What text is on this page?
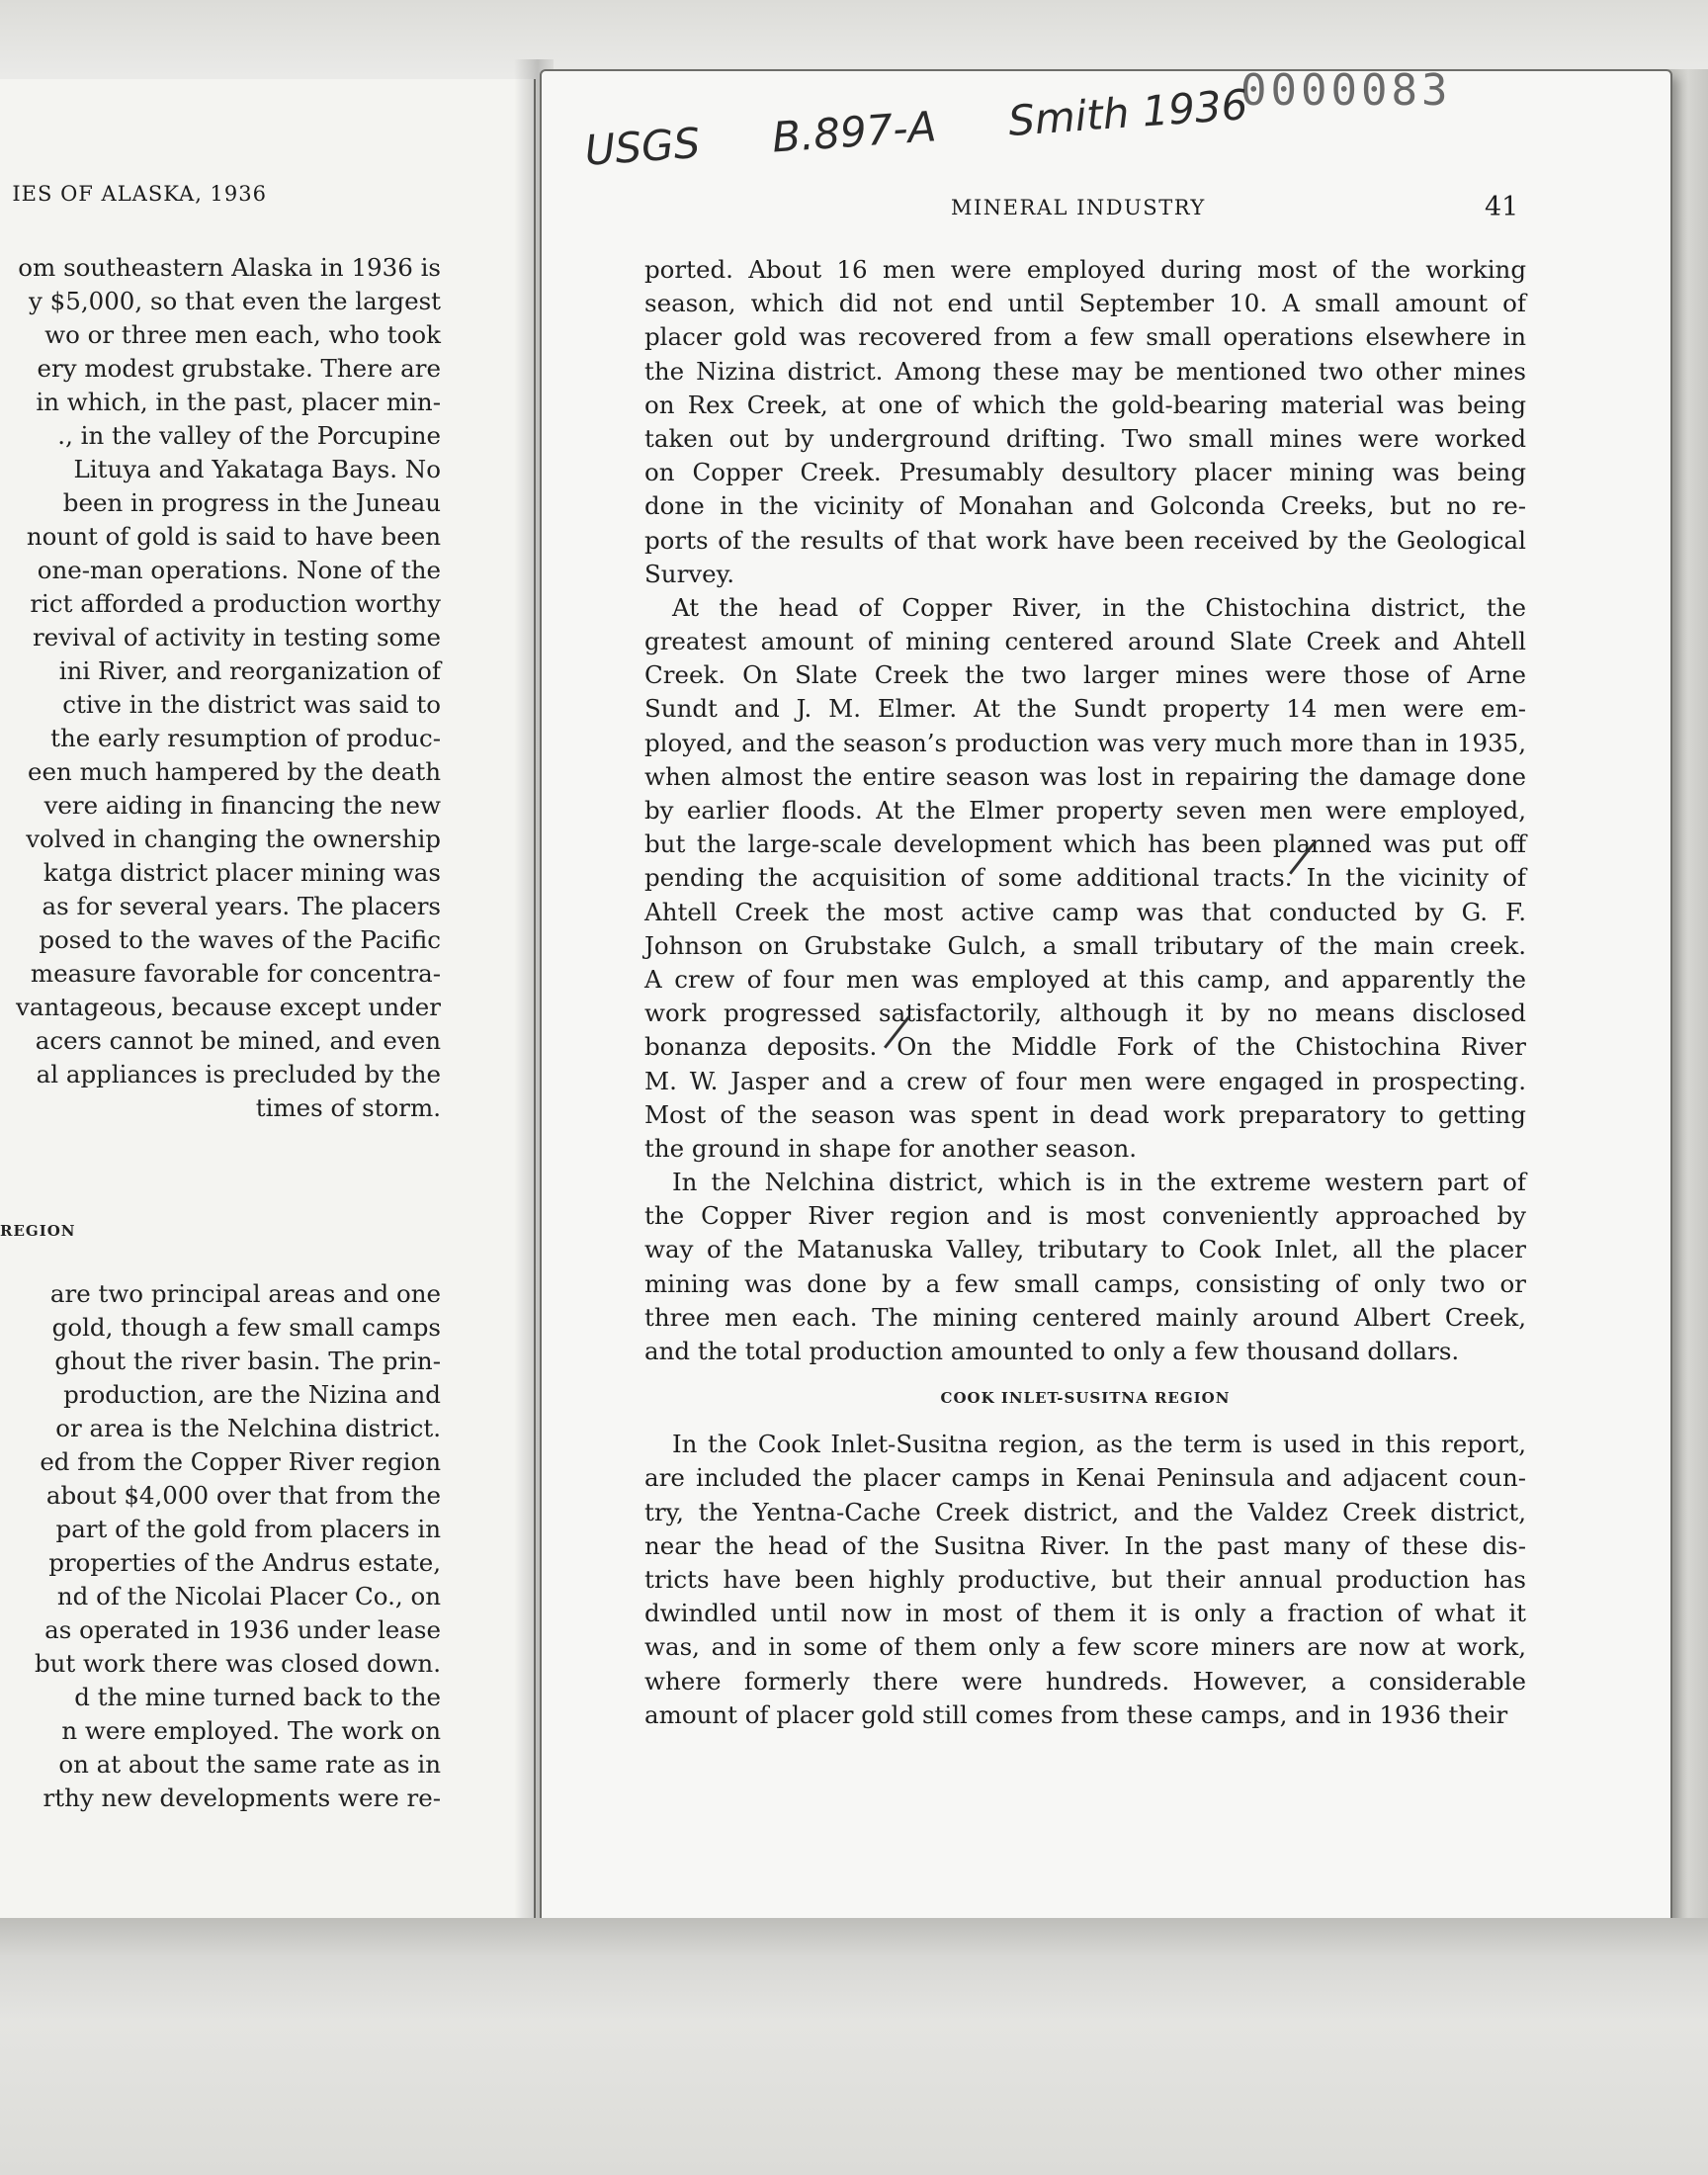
IES OF ALASKA, 1936
om southeastern Alaska in 1936 is
y $5,000, so that even the largest
wo or three men each, who took
ery modest grubstake. There are
in which, in the past, placer min-
., in the valley of the Porcupine
Lituya and Yakataga Bays. No
been in progress in the Juneau
nount of gold is said to have been
one-man operations. None of the
rict afforded a production worthy
revival of activity in testing some
ini River, and reorganization of
ctive in the district was said to
the early resumption of produc-
een much hampered by the death
vere aiding in financing the new
volved in changing the ownership
katga district placer mining was
as for several years. The placers
posed to the waves of the Pacific
measure favorable for concentra-
vantageous, because except under
acers cannot be mined, and even
al appliances is precluded by the
times of storm.
REGION
are two principal areas and one
gold, though a few small camps
ghout the river basin. The prin-
production, are the Nizina and
or area is the Nelchina district.
ed from the Copper River region
about $4,000 over that from the
part of the gold from placers in
properties of the Andrus estate,
nd of the Nicolai Placer Co., on
as operated in 1936 under lease
but work there was closed down.
d the mine turned back to the
n were employed. The work on
on at about the same rate as in
rthy new developments were re-
0000083
USGS B.897-A Smith 1936
MINERAL INDUSTRY	41
ported. About 16 men were employed during most of the working
season, which did not end until September 10. A small amount of
placer gold was recovered from a few small operations elsewhere in
the Nizina district. Among these may be mentioned two other mines
on Rex Creek, at one of which the gold-bearing material was being
taken out by underground drifting. Two small mines were worked
on Copper Creek. Presumably desultory placer mining was being
done in the vicinity of Monahan and Golconda Creeks, but no re-
ports of the results of that work have been received by the Geological
Survey.
At the head of Copper River, in the Chistochina district, the
greatest amount of mining centered around Slate Creek and Ahtell
Creek. On Slate Creek the two larger mines were those of Arne
Sundt and J. M. Elmer. At the Sundt property 14 men were em-
ployed, and the season’s production was very much more than in 1935,
when almost the entire season was lost in repairing the damage done
by earlier floods. At the Elmer property seven men were employed,
but the large-scale development which has been planned was put off
pending the acquisition of some additional tracts. In the vicinity of
Ahtell Creek the most active camp was that conducted by G. F.
Johnson on Grubstake Gulch, a small tributary of the main creek.
A crew of four men was employed at this camp, and apparently the
work progressed satisfactorily, although it by no means disclosed
bonanza deposits. On the Middle Fork of the Chistochina River
M. W. Jasper and a crew of four men were engaged in prospecting.
Most of the season was spent in dead work preparatory to getting
the ground in shape for another season.
In the Nelchina district, which is in the extreme western part of
the Copper River region and is most conveniently approached by
way of the Matanuska Valley, tributary to Cook Inlet, all the placer
mining was done by a few small camps, consisting of only two or
three men each. The mining centered mainly around Albert Creek,
and the total production amounted to only a few thousand dollars.
COOK INLET-SUSITNA REGION
In the Cook Inlet-Susitna region, as the term is used in this report,
are included the placer camps in Kenai Peninsula and adjacent coun-
try, the Yentna-Cache Creek district, and the Valdez Creek district,
near the head of the Susitna River. In the past many of these dis-
tricts have been highly productive, but their annual production has
dwindled until now in most of them it is only a fraction of what it
was, and in some of them only a few score miners are now at work,
where formerly there were hundreds. However, a considerable
amount of placer gold still comes from these camps, and in 1936 their
